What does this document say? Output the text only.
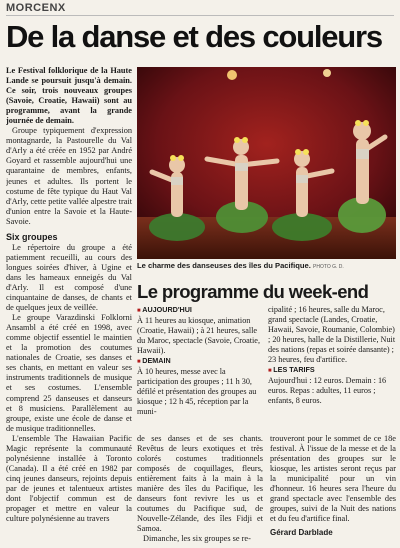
MORCENX
De la danse et des couleurs

Le Festival folklorique de la Haute Lande se poursuit jusqu'à demain. Ce soir, trois nouveaux groupes (Savoie, Croatie, Hawaii) sont au programme, avant la grande journée de demain.

Groupe typiquement d'expression montagnarde, la Pastourelle du Val d'Arly a été créée en 1952 par André Goyard et rassemble aujourd'hui une quarantaine de membres, enfants, jeunes et adultes. Ils portent le costume de fête typique du Haut Val d'Arly, cette petite vallée alpestre trait d'union entre la Savoie et la Haute-Savoie.

Six groupes

Le répertoire du groupe a été patiemment recueilli, au cours des longues soirées d'hiver, à Ugine et dans les hameaux enneigés du Val d'Arly. Il est composé d'une cinquantaine de danses, de chants et de quelques jeux de veillée.

Le groupe Varazdinski Folklorni Ansambl a été créé en 1998, avec comme objectif essentiel le maintien et la promotion des coutumes nationales de Croatie, ses danses et ses chants, en mettant en valeur ses instruments traditionnels de musique et ses costumes. L'ensemble comprend 25 danseuses et danseurs et 8 musiciens. Parallèlement au groupe, existe une école de danse et de musique traditionnelles.

L'ensemble The Hawaiian Pacific Magic représente la communauté polynésienne installée à Toronto (Canada). Il a été créé en 1982 par cinq jeunes danseurs, rejoints depuis par de jeunes et talentueux artistes dont l'objectif commun est de propager et mettre en valeur la culture polynésienne au travers

Le charme des danseuses des îles du Pacifique. PHOTO G. D.
Le programme du week-end
■ AUJOURD'HUI
À 11 heures au kiosque, animation (Croatie, Hawaii) ; à 21 heures, salle du Maroc, spectacle (Savoie, Croatie, Hawaii).
■ DEMAIN
À 10 heures, messe avec la participation des groupes ; 11 h 30, défilé et présentation des groupes au kiosque ; 12 h 45, réception par la muni-
cipalité ; 16 heures, salle du Maroc, grand spectacle (Landes, Croatie, Hawaii, Savoie, Roumanie, Colombie) ; 20 heures, halle de la Distillerie, Nuit des nations (repas et soirée dansante) ; 23 heures, feu d'artifice.
■ LES TARIFS
Aujourd'hui : 12 euros. Demain : 16 euros. Repas : adultes, 11 euros ; enfants, 8 euros.

de ses danses et de ses chants. Revêtus de leurs exotiques et très colorés costumes traditionnels composés de coquillages, fleurs, entièrement faits à la main à la manière des îles du Pacifique, les danseurs font revivre les us et coutumes du Pacifique sud, de Nouvelle-Zélande, des îles Fidji et Samoa.

Dimanche, les six groupes se re-

trouveront pour le sommet de ce 18e festival. À l'issue de la messe et de la présentation des groupes sur le kiosque, les artistes seront reçus par la municipalité pour un vin d'honneur. 16 heures sera l'heure du grand spectacle avec l'ensemble des groupes, suivi de la Nuit des nations et du feu d'artifice final.

Gérard Darblade
